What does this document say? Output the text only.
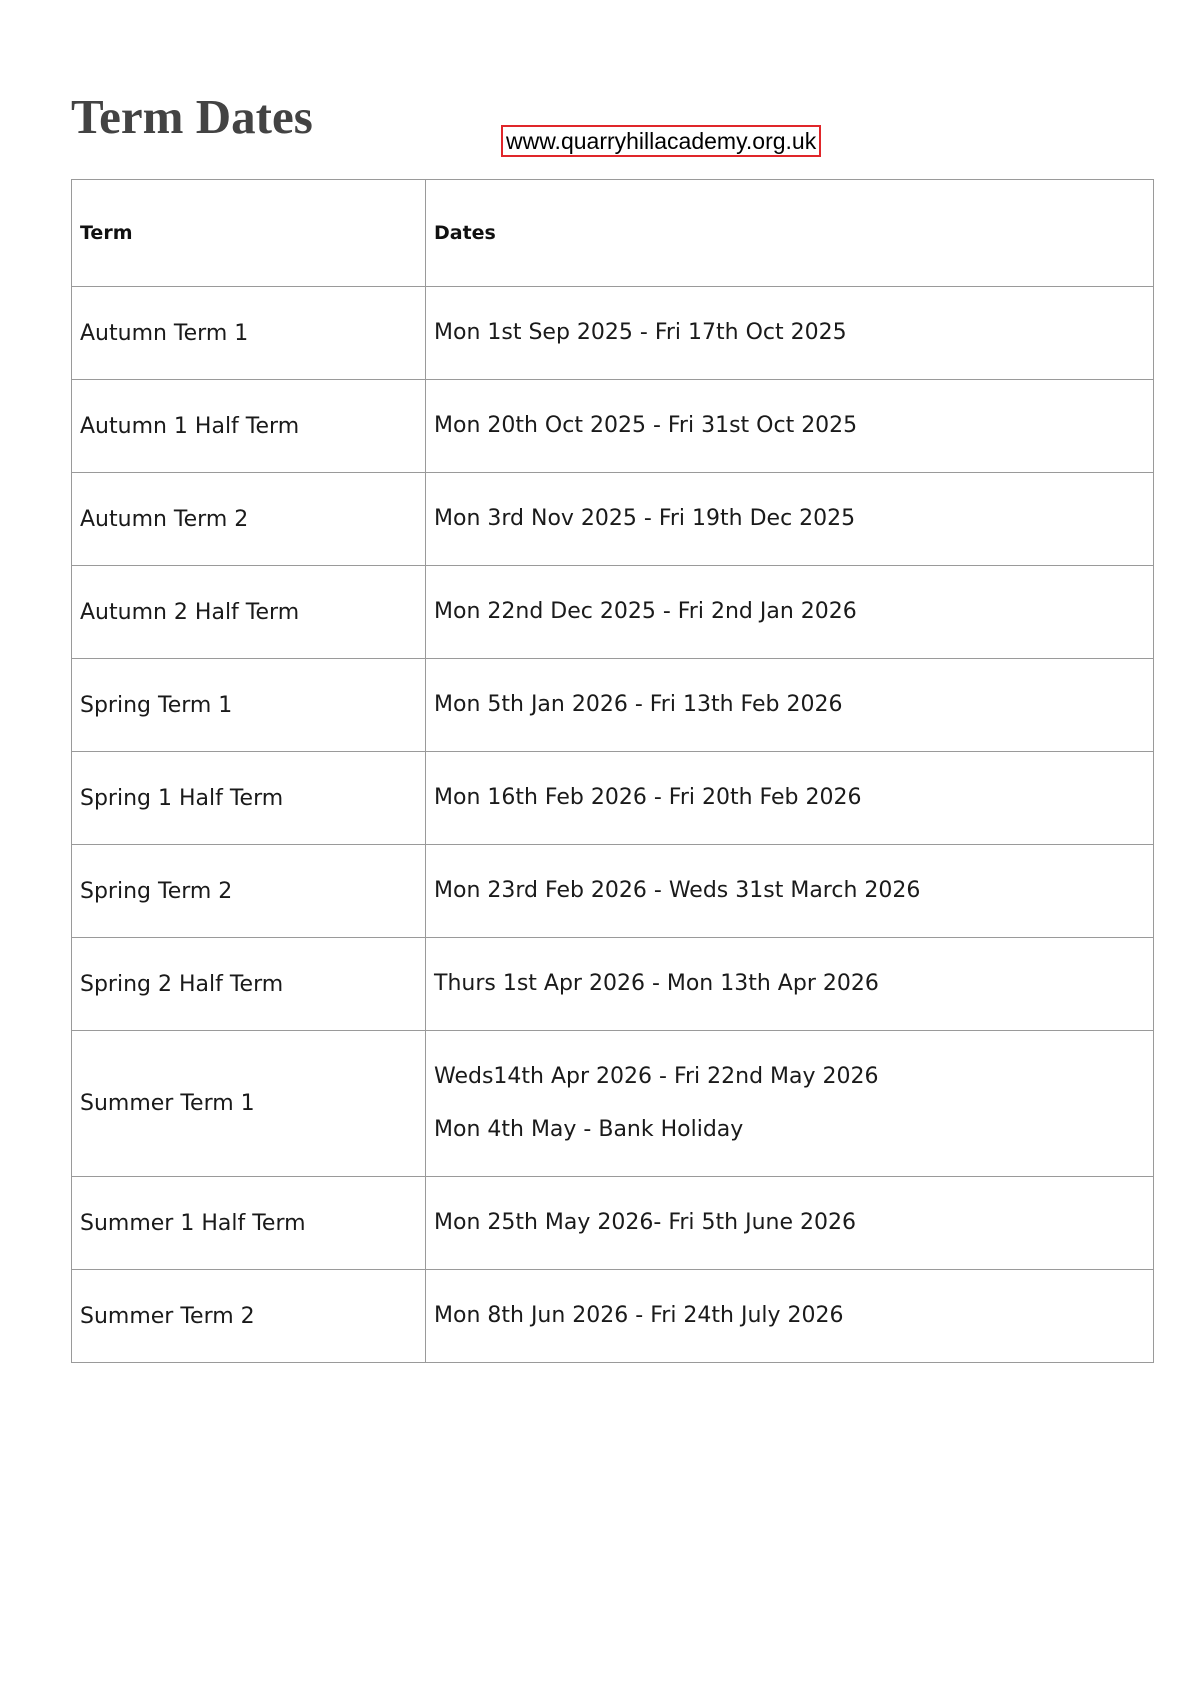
Term Dates	www.quarryhillacademy.org.uk
Term	Dates
Autumn Term 1	Mon 1st Sep 2025 - Fri 17th Oct 2025

Autumn 1 Half Term	Mon 20th Oct 2025 - Fri 31st Oct 2025

Autumn Term 2	Mon 3rd Nov 2025 - Fri 19th Dec 2025

Autumn 2 Half Term	Mon 22nd Dec 2025 - Fri 2nd Jan 2026

Spring Term 1	Mon 5th Jan 2026 - Fri 13th Feb 2026

Spring 1 Half Term	Mon 16th Feb 2026 - Fri 20th Feb 2026

Spring Term 2	Mon 23rd Feb 2026 - Weds 31st March 2026

Spring 2 Half Term	Thurs 1st Apr 2026 - Mon 13th Apr 2026

Summer Term 1	Weds14th Apr 2026 - Fri 22nd May 2026
Mon 4th May - Bank Holiday

Summer 1 Half Term	Mon 25th May 2026- Fri 5th June 2026

Summer Term 2	Mon 8th Jun 2026 - Fri 24th July 2026
